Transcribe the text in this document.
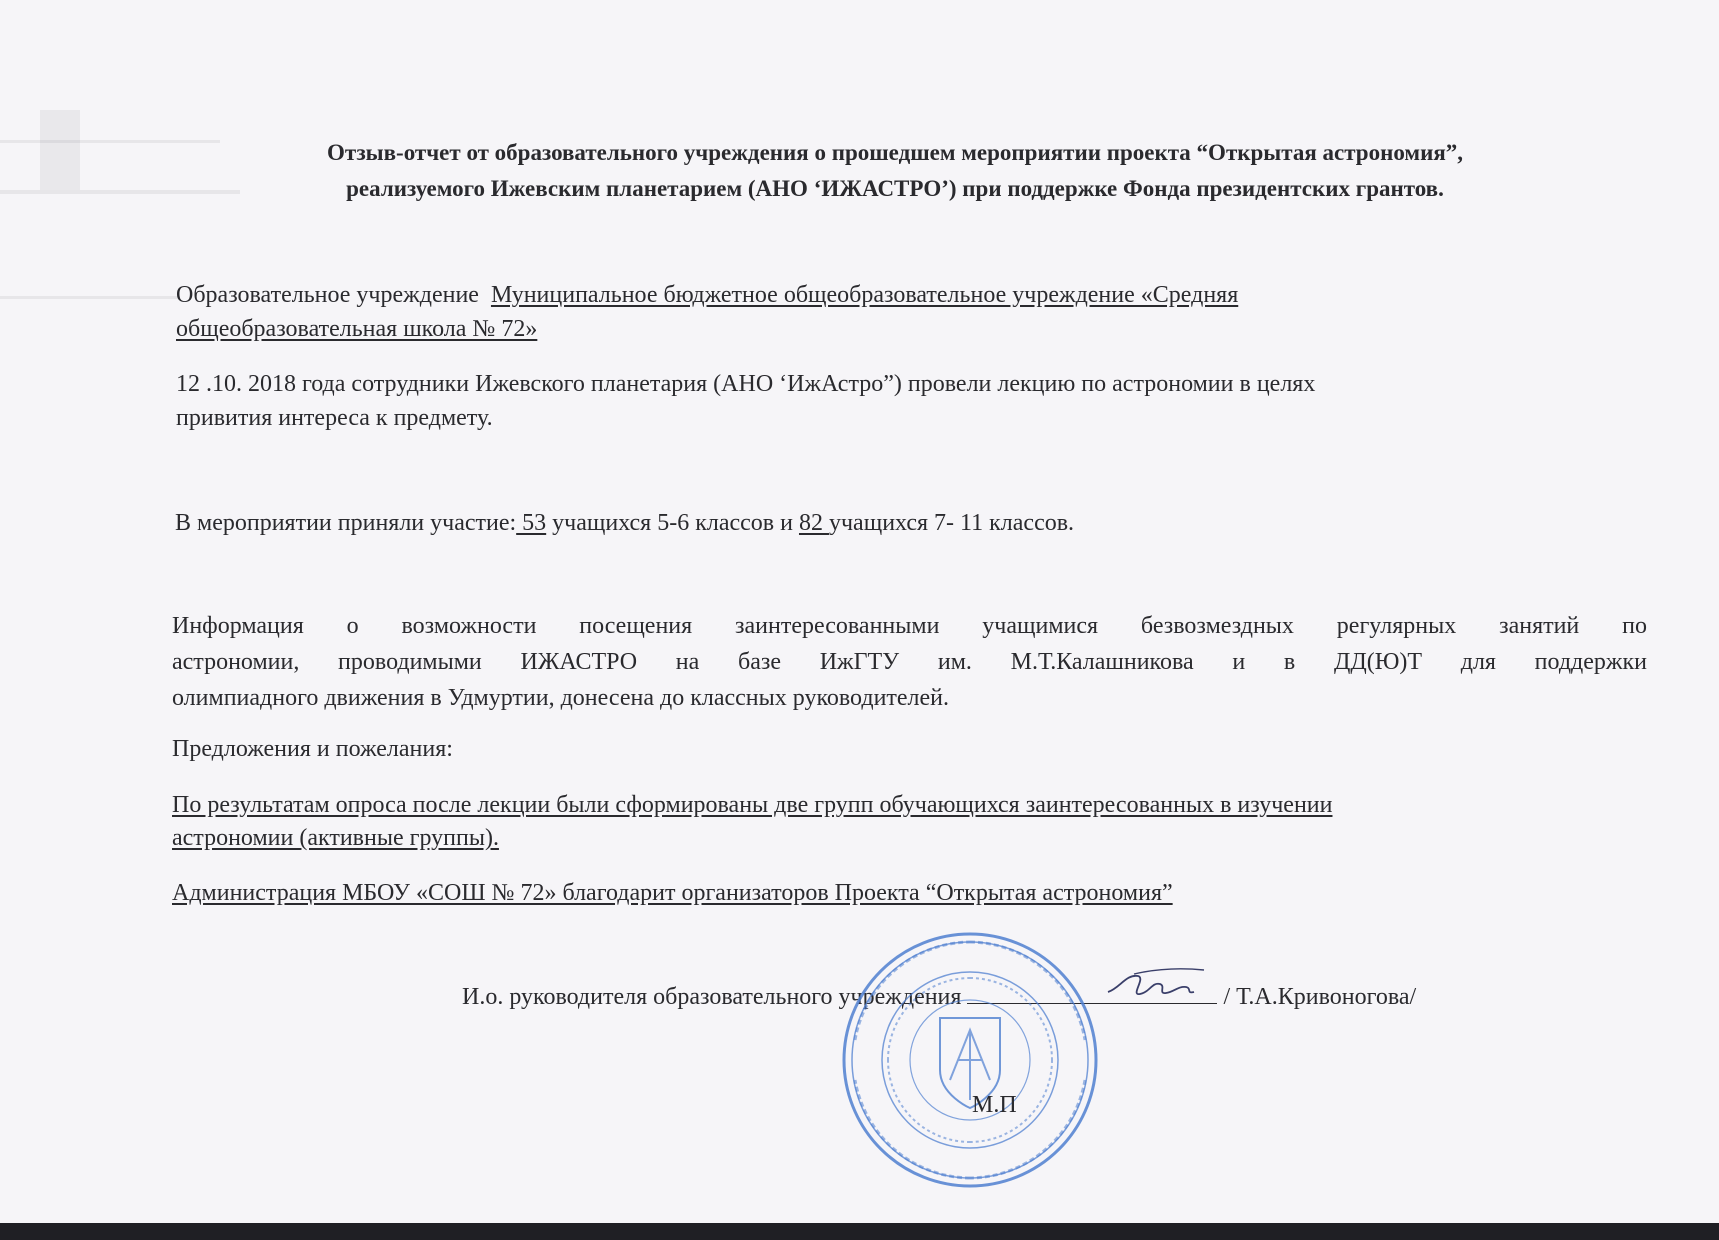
Отзыв-отчет от образовательного учреждения о прошедшем мероприятии проекта “Открытая астрономия”,
реализуемого Ижевским планетарием (АНО ‘ИЖАСТРО’) при поддержке Фонда президентских грантов.
Образовательное учреждение Муниципальное бюджетное общеобразовательное учреждение «Средняя
общеобразовательная школа № 72»
12 .10. 2018 года сотрудники Ижевского планетария (АНО ‘ИжАстро”) провели лекцию по астрономии в целях
привития интереса к предмету.
В мероприятии приняли участие: 53 учащихся 5-6 классов и 82 учащихся 7- 11 классов.
Информация о возможности посещения заинтересованными учащимися безвозмездных регулярных занятий по
астрономии, проводимыми ИЖАСТРО на базе ИжГТУ им. М.Т.Калашникова и в ДД(Ю)Т для поддержки
олимпиадного движения в Удмуртии, донесена до классных руководителей.
Предложения и пожелания:
По результатам опроса после лекции были сформированы две групп обучающихся заинтересованных в изучении
астрономии (активные группы).
Администрация МБОУ «СОШ № 72» благодарит организаторов Проекта “Открытая астрономия”
И.о. руководителя образовательного учреждения	/ Т.А.Кривоногова/
М.П
